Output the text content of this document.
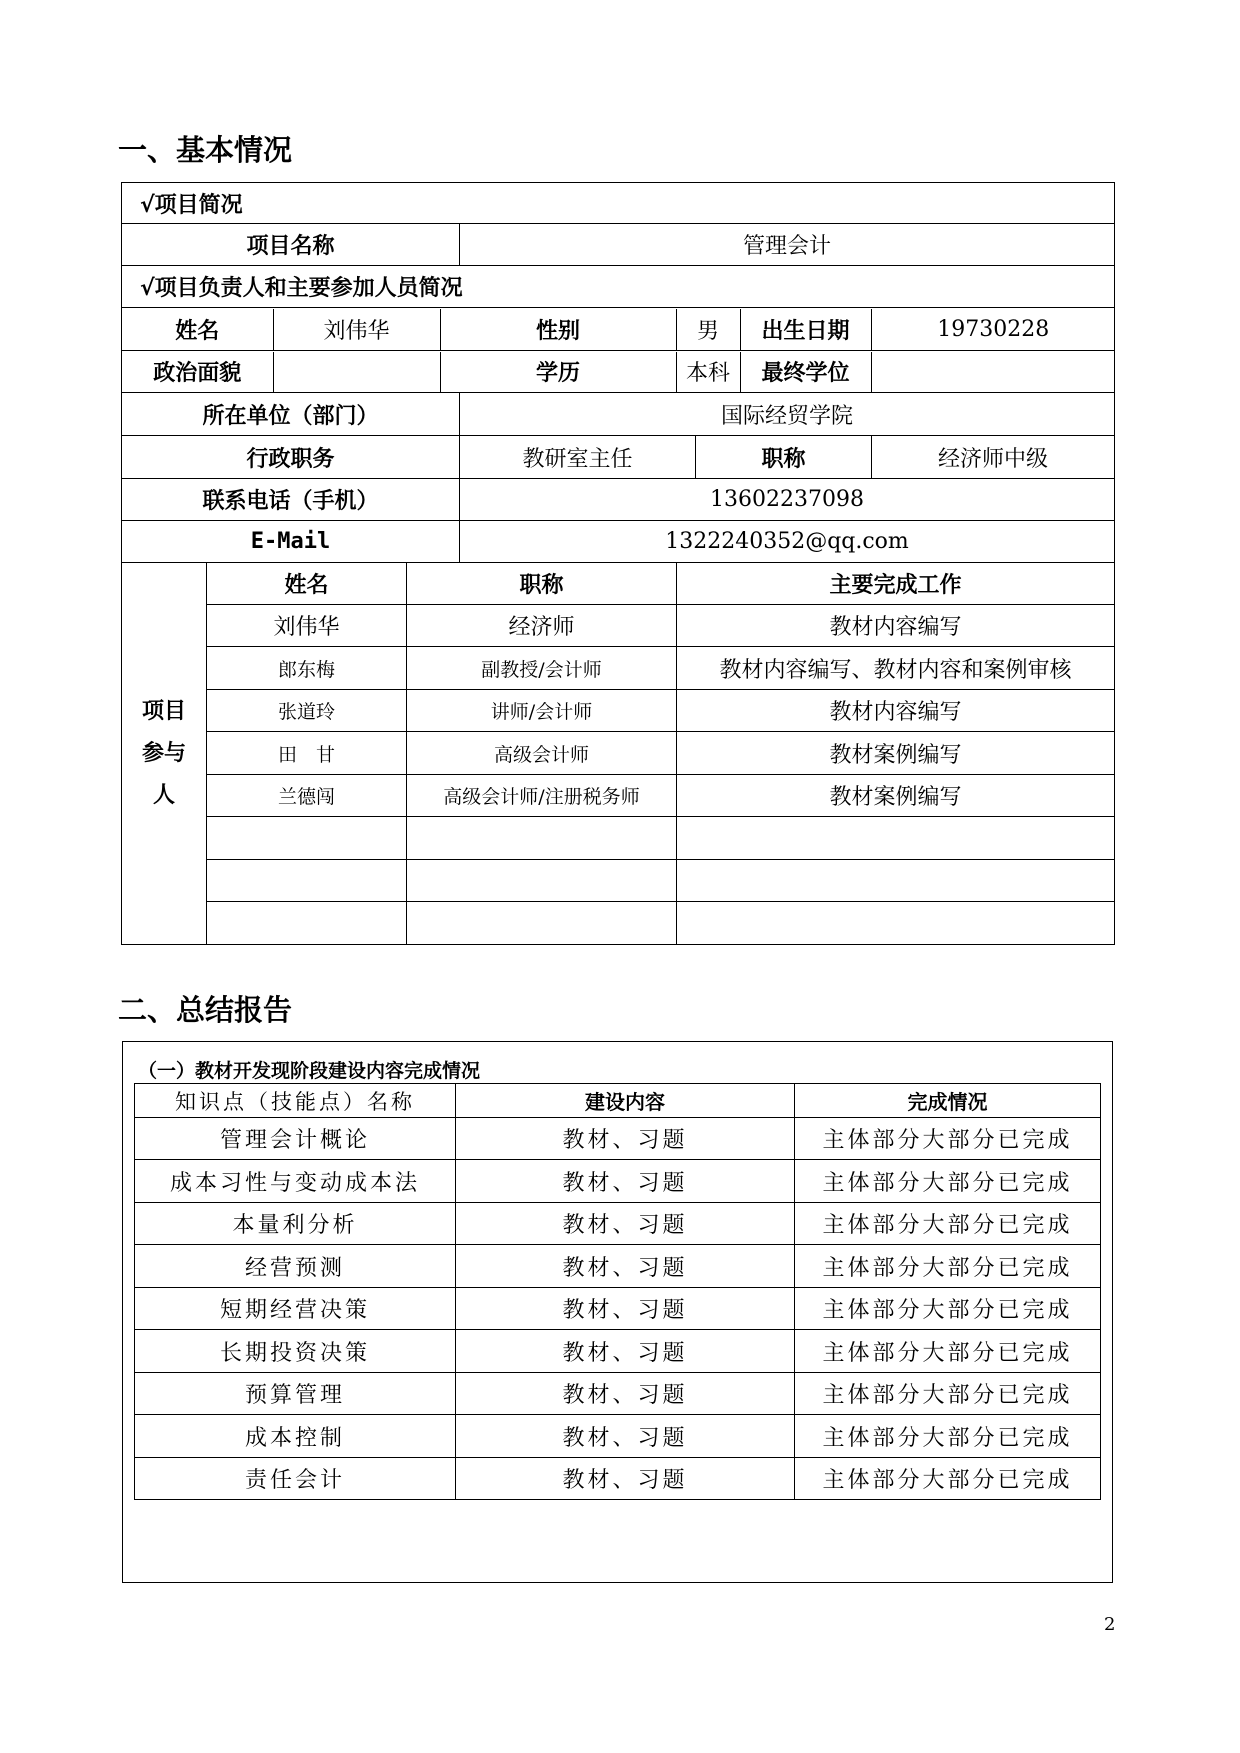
一、基本情况
√项目简况
项目名称	管理会计
√项目负责人和主要参加人员简况

姓名	刘伟华	性别	男	出生日期	19730228

政治面貌		学历	本科	最终学位	

所在单位（部门）	国际经贸学院
行政职务	教研室主任	职称	经济师中级
联系电话（手机）	13602237098
E-Mail	1322240352@qq.com
项目参与人	姓名	职称	主要完成工作
	刘伟华	经济师	教材内容编写
	郎东梅	副教授/会计师	教材内容编写、教材内容和案例审核
	张道玲	讲师/会计师	教材内容编写
	田　甘	高级会计师	教材案例编写
	兰德闯	高级会计师/注册税务师	教材案例编写

二、总结报告
（一）教材开发现阶段建设内容完成情况
知识点（技能点）名称	建设内容	完成情况
管理会计概论	教材、习题	主体部分大部分已完成
成本习性与变动成本法	教材、习题	主体部分大部分已完成
本量利分析	教材、习题	主体部分大部分已完成
经营预测	教材、习题	主体部分大部分已完成
短期经营决策	教材、习题	主体部分大部分已完成
长期投资决策	教材、习题	主体部分大部分已完成
预算管理	教材、习题	主体部分大部分已完成
成本控制	教材、习题	主体部分大部分已完成
责任会计	教材、习题	主体部分大部分已完成
2
